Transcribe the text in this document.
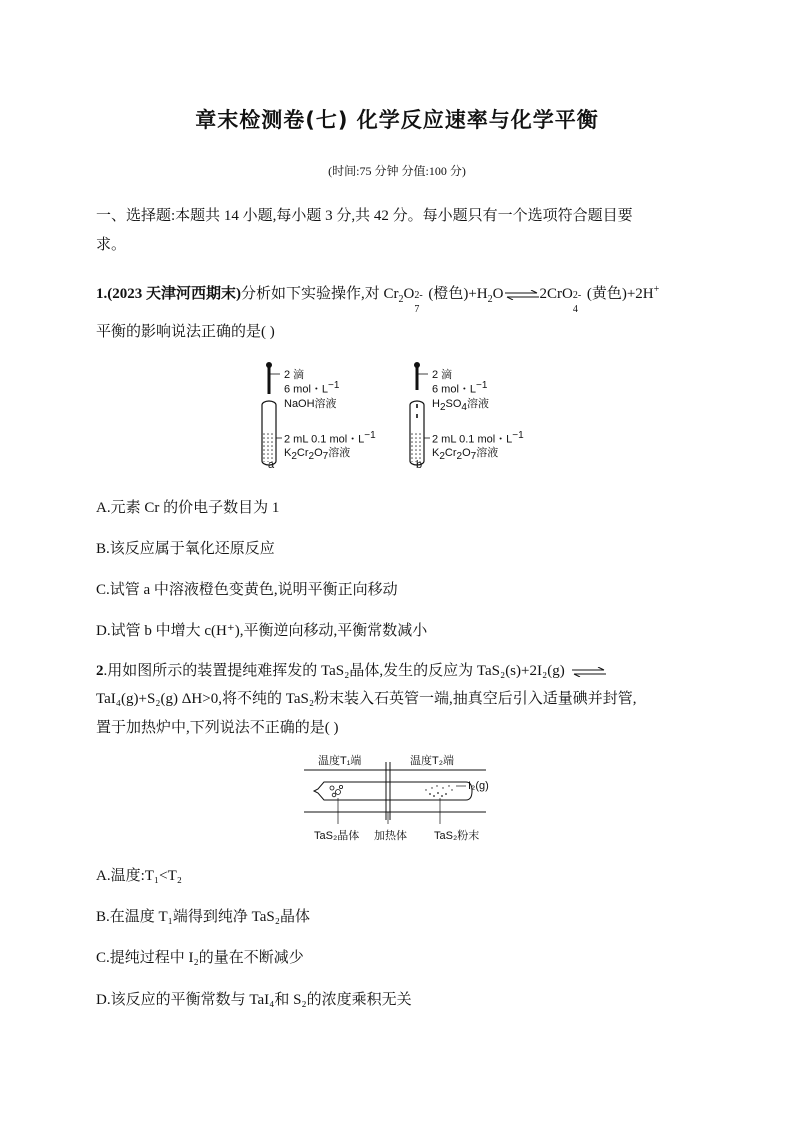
章末检测卷(七) 化学反应速率与化学平衡
(时间:75 分钟 分值:100 分)
一、选择题:本题共 14 小题,每小题 3 分,共 42 分。每小题只有一个选项符合题目要
求。
1.(2023 天津河西期末)分析如下实验操作,对 $Cr_2O$ 2-
7
(橙色)$+H_2O\rightleftharpoons 2CrO$ 2-
4
(黄色)+2H+
平衡的影响说法正确的是( )
2 滴
6 mol・$L^{-1}$
NaOH溶液
2 mL 0.1 mol・$L^{-1}$
$K_2Cr_2O_7$溶液
a
2 滴
6 mol・$L^{-1}$
$H_2SO_4$溶液
2 mL 0.1 mol・$L^{-1}$
$K_2Cr_2O_7$溶液
b
A.元素 Cr 的价电子数目为 1
B.该反应属于氧化还原反应
C.试管 a 中溶液橙色变黄色,说明平衡正向移动
D.试管 b 中增大 c(H⁺),平衡逆向移动,平衡常数减小
2.用如图所示的装置提纯难挥发的 TaS₂晶体,发生的反应为 TaS₂(s)+2I₂(g) ⇌
TaI₄(g)+S₂(g) ΔH>0,将不纯的 TaS₂粉末装入石英管一端,抽真空后引入适量碘并封管,
置于加热炉中,下列说法不正确的是( )
温度T₁端	温度T₂端
I₂(g)
TaS₂晶体 加热体 TaS₂粉末
A.温度:T₁<T₂
B.在温度 T₁端得到纯净 TaS₂晶体
C.提纯过程中 I₂的量在不断减少
D.该反应的平衡常数与 TaI₄和 S₂的浓度乘积无关
